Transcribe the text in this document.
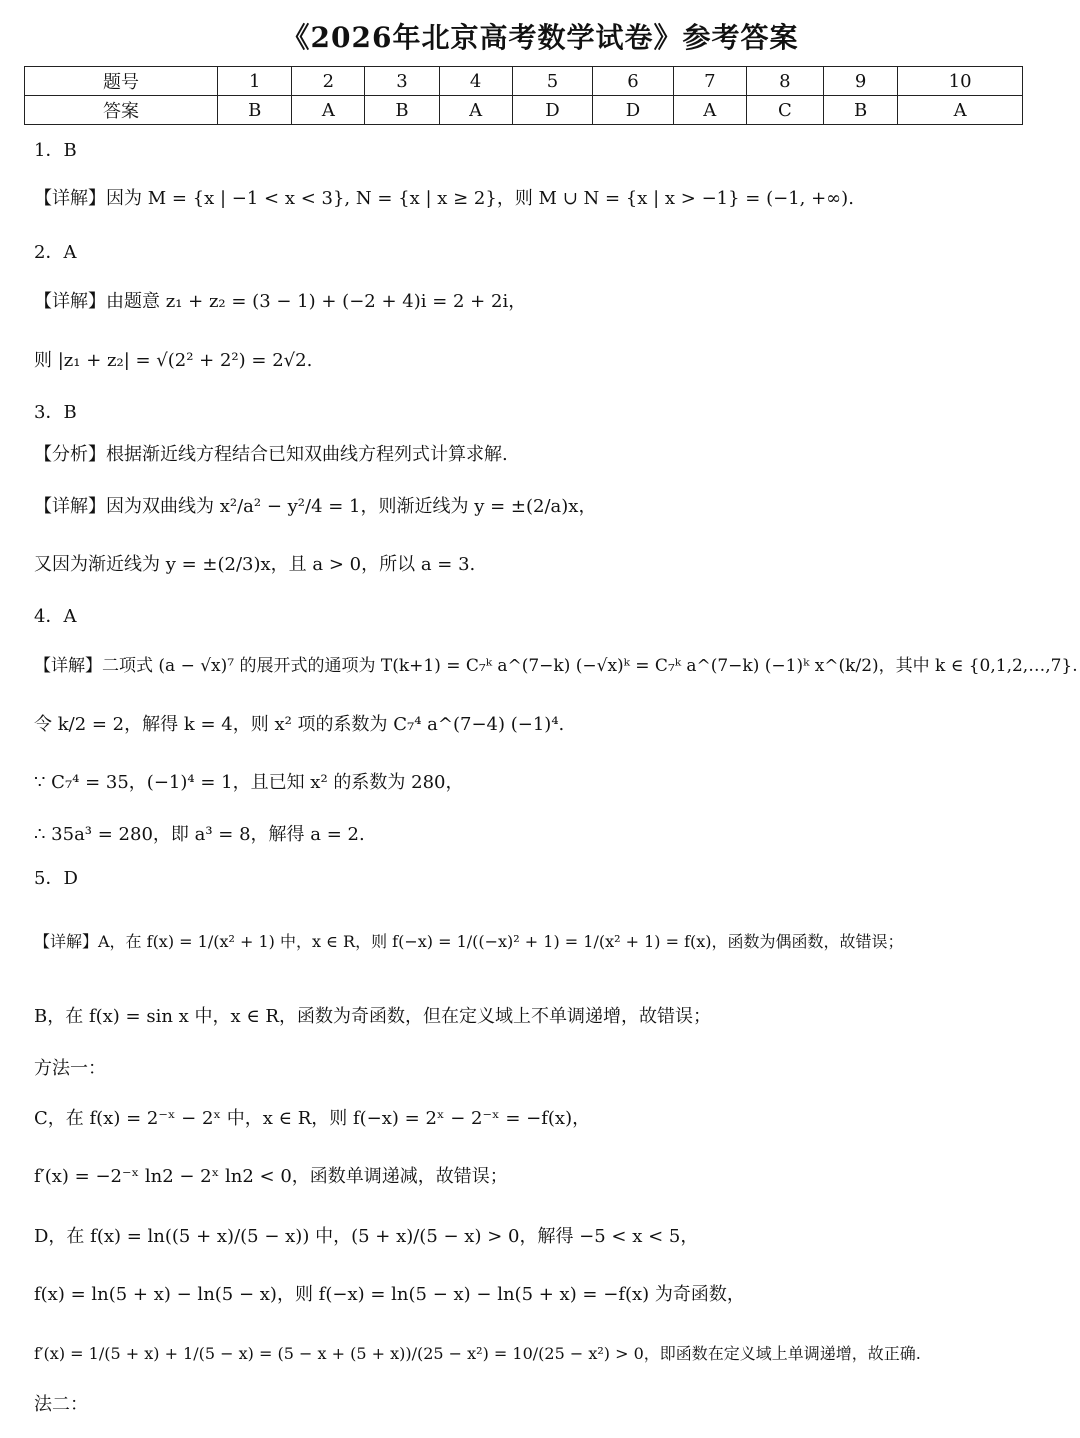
《2026年北京高考数学试卷》参考答案
题号	1	2	3	4	5	6	7	8	9	10
答案	B	A	B	A	D	D	A	C	B	A
1．B
【详解】因为 M = {x | −1 < x < 3}, N = {x | x ≥ 2}，则 M ∪ N = {x | x > −1} = (−1, +∞).
2．A
【详解】由题意 z₁ + z₂ = (3 − 1) + (−2 + 4)i = 2 + 2i，
则 |z₁ + z₂| = √(2² + 2²) = 2√2.
3．B
【分析】根据渐近线方程结合已知双曲线方程列式计算求解.
【详解】因为双曲线为 x²/a² − y²/4 = 1，则渐近线为 y = ±(2/a)x，
又因为渐近线为 y = ±(2/3)x，且 a > 0，所以 a = 3.
4．A
【详解】二项式 (a − √x)⁷ 的展开式的通项为 T(k+1) = C₇ᵏ a^(7−k) (−√x)ᵏ = C₇ᵏ a^(7−k) (−1)ᵏ x^(k/2)，其中 k ∈ {0,1,2,…,7}.
令 k/2 = 2，解得 k = 4，则 x² 项的系数为 C₇⁴ a^(7−4) (−1)⁴.
∵ C₇⁴ = 35，(−1)⁴ = 1，且已知 x² 的系数为 280，
∴ 35a³ = 280，即 a³ = 8，解得 a = 2.
5．D
【详解】A，在 f(x) = 1/(x² + 1) 中，x ∈ R，则 f(−x) = 1/((−x)² + 1) = 1/(x² + 1) = f(x)，函数为偶函数，故错误；
B，在 f(x) = sin x 中，x ∈ R，函数为奇函数，但在定义域上不单调递增，故错误；
方法一：
C，在 f(x) = 2⁻ˣ − 2ˣ 中，x ∈ R，则 f(−x) = 2ˣ − 2⁻ˣ = −f(x)，
f′(x) = −2⁻ˣ ln2 − 2ˣ ln2 < 0，函数单调递减，故错误；
D，在 f(x) = ln((5 + x)/(5 − x)) 中，(5 + x)/(5 − x) > 0，解得 −5 < x < 5，
f(x) = ln(5 + x) − ln(5 − x)，则 f(−x) = ln(5 − x) − ln(5 + x) = −f(x) 为奇函数，
f′(x) = 1/(5 + x) + 1/(5 − x) = (5 − x + (5 + x))/(25 − x²) = 10/(25 − x²) > 0，即函数在定义域上单调递增，故正确.
法二：
